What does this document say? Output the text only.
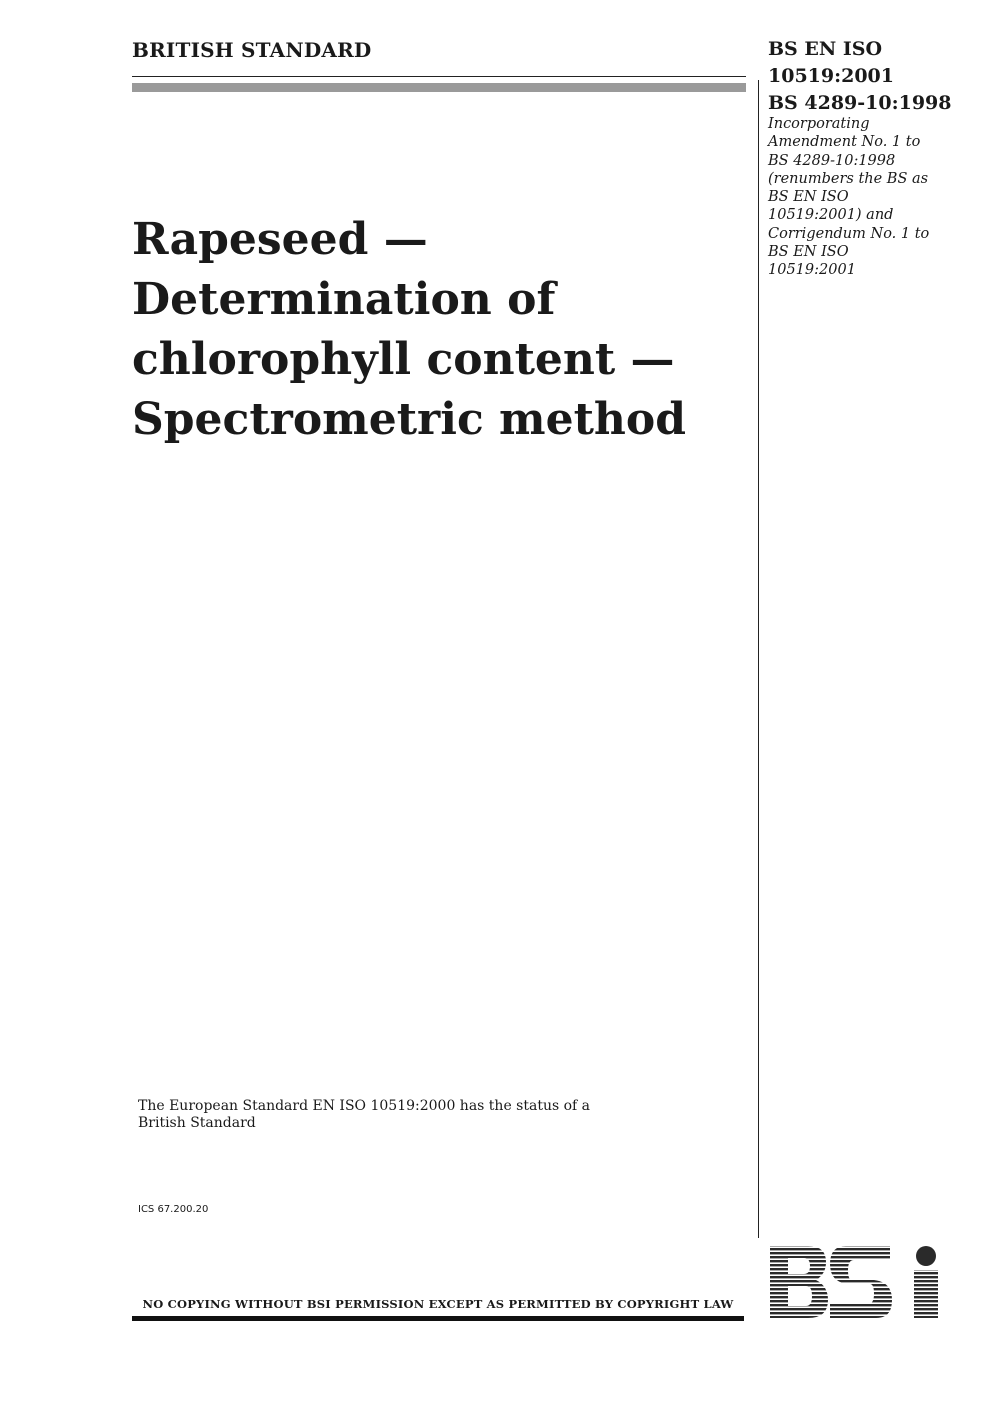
BRITISH STANDARD
Rapeseed —
Determination of
chlorophyll content —
Spectrometric method
BS EN ISO
10519:2001
BS 4289-10:1998
Incorporating
Amendment No. 1 to
BS 4289-10:1998
(renumbers the BS as
BS EN ISO
10519:2001) and
Corrigendum No. 1 to
BS EN ISO
10519:2001
The European Standard EN ISO 10519:2000 has the status of a
British Standard
ICS 67.200.20
NO COPYING WITHOUT BSI PERMISSION EXCEPT AS PERMITTED BY COPYRIGHT LAW
BSi
